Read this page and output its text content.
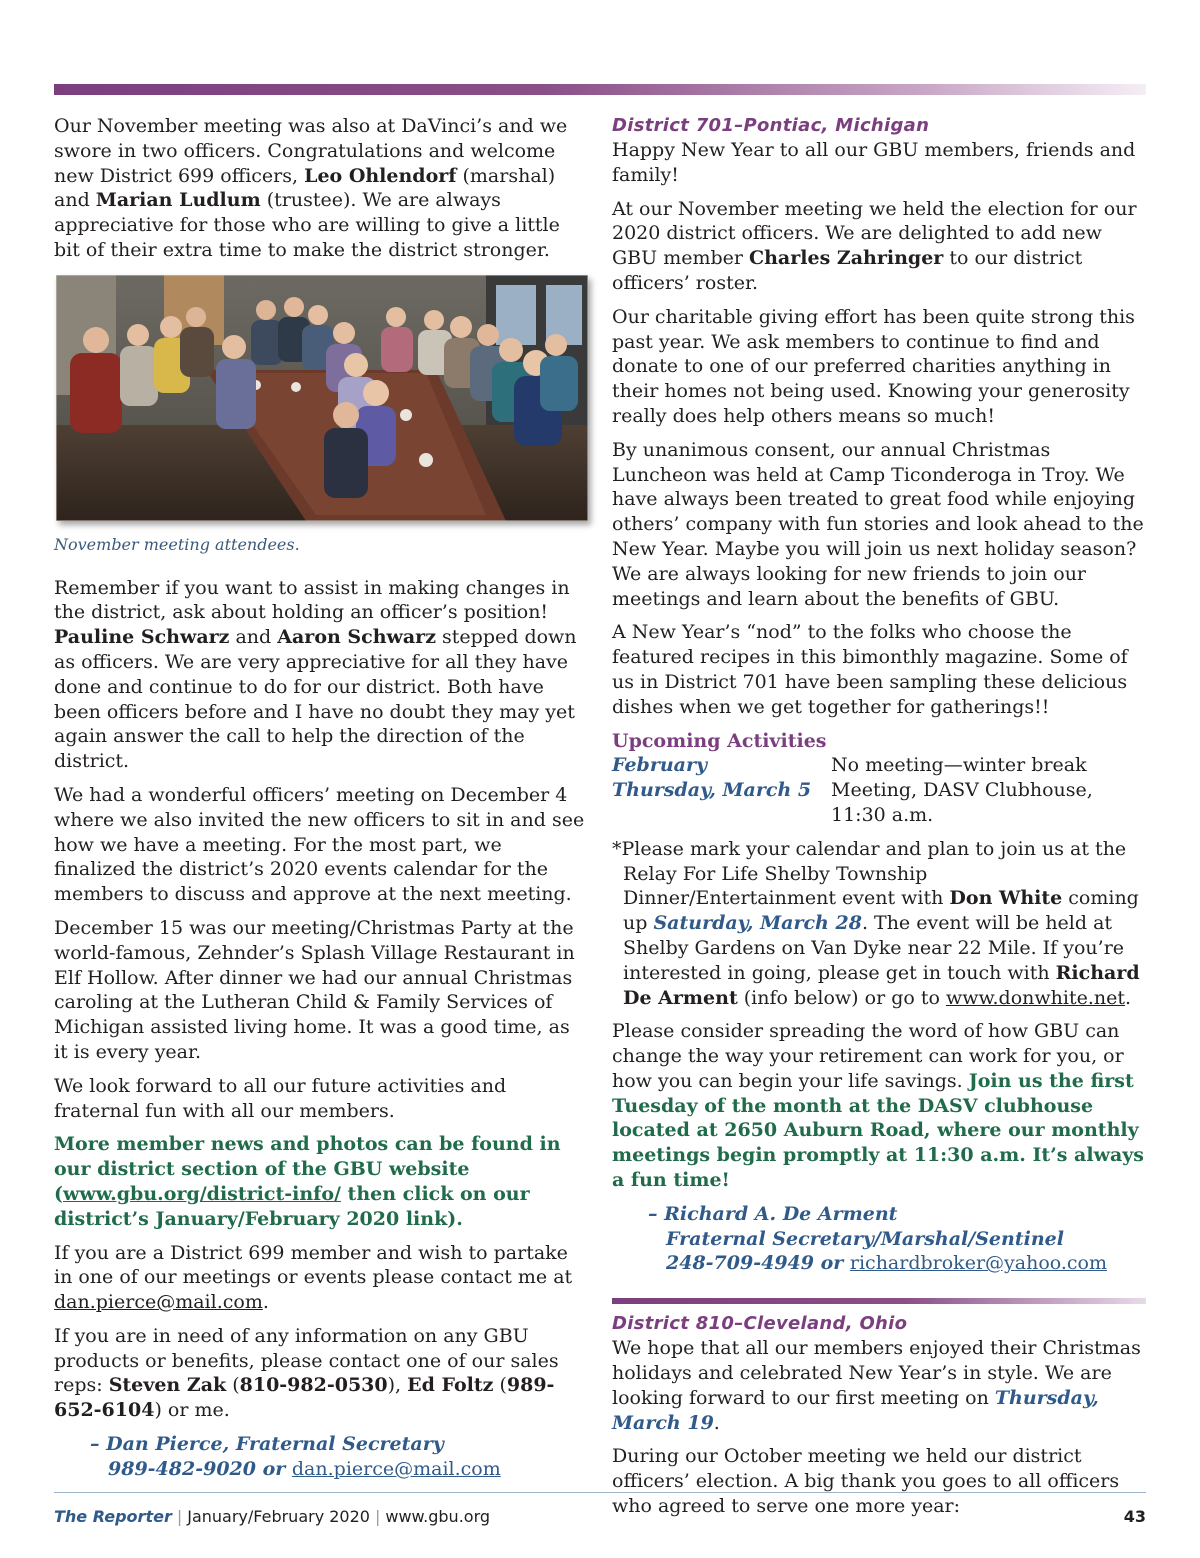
Our November meeting was also at DaVinci’s and we swore in two officers. Congratulations and welcome new District 699 officers, Leo Ohlendorf (marshal) and Marian Ludlum (trustee). We are always appreciative for those who are willing to give a little bit of their extra time to make the district stronger.

November meeting attendees.

Remember if you want to assist in making changes in the district, ask about holding an officer’s position! Pauline Schwarz and Aaron Schwarz stepped down as officers. We are very appreciative for all they have done and continue to do for our district. Both have been officers before and I have no doubt they may yet again answer the call to help the direction of the district.

We had a wonderful officers’ meeting on December 4 where we also invited the new officers to sit in and see how we have a meeting. For the most part, we finalized the district’s 2020 events calendar for the members to discuss and approve at the next meeting.

December 15 was our meeting/Christmas Party at the world-famous, Zehnder’s Splash Village Restaurant in Elf Hollow. After dinner we had our annual Christmas caroling at the Lutheran Child & Family Services of Michigan assisted living home. It was a good time, as it is every year.

We look forward to all our future activities and fraternal fun with all our members.

More member news and photos can be found in our district section of the GBU website (www.gbu.org/district-info/ then click on our district’s January/February 2020 link).

If you are a District 699 member and wish to partake in one of our meetings or events please contact me at dan.pierce@mail.com.

If you are in need of any information on any GBU products or benefits, please contact one of our sales reps: Steven Zak (810-982-0530), Ed Foltz (989-652-6104) or me.

– Dan Pierce, Fraternal Secretary
989-482-9020 or dan.pierce@mail.com

District 701–Pontiac, Michigan

Happy New Year to all our GBU members, friends and family!

At our November meeting we held the election for our 2020 district officers. We are delighted to add new GBU member Charles Zahringer to our district officers’ roster.

Our charitable giving effort has been quite strong this past year. We ask members to continue to find and donate to one of our preferred charities anything in their homes not being used. Knowing your generosity really does help others means so much!

By unanimous consent, our annual Christmas Luncheon was held at Camp Ticonderoga in Troy. We have always been treated to great food while enjoying others’ company with fun stories and look ahead to the New Year. Maybe you will join us next holiday season? We are always looking for new friends to join our meetings and learn about the benefits of GBU.

A New Year’s “nod” to the folks who choose the featured recipes in this bimonthly magazine. Some of us in District 701 have been sampling these delicious dishes when we get together for gatherings!!

Upcoming Activities

February	No meeting—winter break
Thursday, March 5	Meeting, DASV Clubhouse, 11:30 a.m.

*Please mark your calendar and plan to join us at the Relay For Life Shelby Township Dinner/Entertainment event with Don White coming up Saturday, March 28. The event will be held at Shelby Gardens on Van Dyke near 22 Mile. If you’re interested in going, please get in touch with Richard De Arment (info below) or go to www.donwhite.net.

Please consider spreading the word of how GBU can change the way your retirement can work for you, or how you can begin your life savings. Join us the first Tuesday of the month at the DASV clubhouse located at 2650 Auburn Road, where our monthly meetings begin promptly at 11:30 a.m. It’s always a fun time!

– Richard A. De Arment
Fraternal Secretary/Marshal/Sentinel
248-709-4949 or richardbroker@yahoo.com

District 810–Cleveland, Ohio

We hope that all our members enjoyed their Christmas holidays and celebrated New Year’s in style. We are looking forward to our first meeting on Thursday, March 19.

During our October meeting we held our district officers’ election. A big thank you goes to all officers who agreed to serve one more year:

The Reporter | January/February 2020 | www.gbu.org	43
